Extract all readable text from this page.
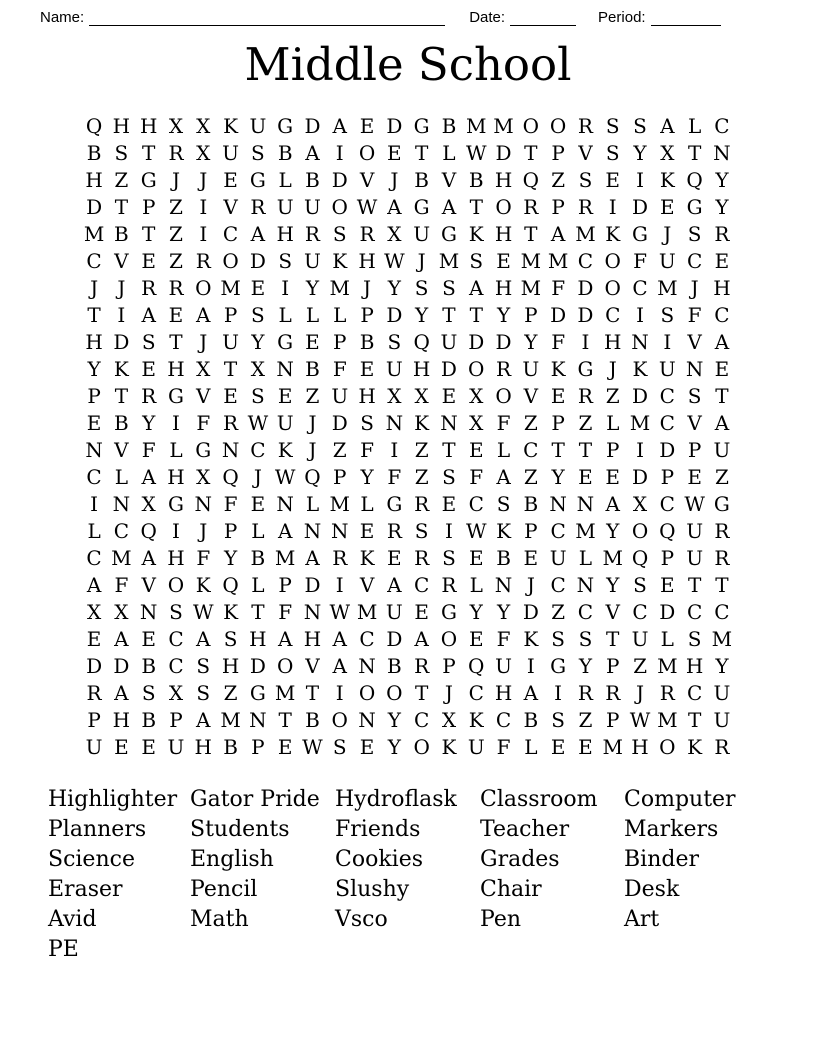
Name:	Date:	Period:
Middle School
Q H H X X K U G D A E D G B M M O O R S S A L C
B S T R X U S B A I O E T L W D T P V S Y X T N
H Z G J J E G L B D V J B V B H Q Z S E I K Q Y
D T P Z I V R U U O W A G A T O R P R I D E G Y
M B T Z I C A H R S R X U G K H T A M K G J S R
C V E Z R O D S U K H W J M S E M M C O F U C E
J J R R O M E I Y M J Y S S A H M F D O C M J H
T I A E A P S L L L P D Y T T Y P D D C I S F C
H D S T J U Y G E P B S Q U D D Y F I H N I V A
Y K E H X T X N B F E U H D O R U K G J K U N E
P T R G V E S E Z U H X X E X O V E R Z D C S T
E B Y I F R W U J D S N K N X F Z P Z L M C V A
N V F L G N C K J Z F I Z T E L C T T P I D P U
C L A H X Q J W Q P Y F Z S F A Z Y E E D P E Z
I N X G N F E N L M L G R E C S B N N A X C W G
L C Q I J P L A N N E R S I W K P C M Y O Q U R
C M A H F Y B M A R K E R S E B E U L M Q P U R
A F V O K Q L P D I V A C R L N J C N Y S E T T
X X N S W K T F N W M U E G Y Y D Z C V C D C C
E A E C A S H A H A C D A O E F K S S T U L S M
D D B C S H D O V A N B R P Q U I G Y P Z M H Y
R A S X S Z G M T I O O T J C H A I R R J R C U
P H B P A M N T B O N Y C X K C B S Z P W M T U
U E E U H B P E W S E Y O K U F L E E M H O K R
Highlighter
Planners
Science
Eraser
Avid
PE
Gator Pride
Students
English
Pencil
Math
Hydroflask
Friends
Cookies
Slushy
Vsco
Classroom
Teacher
Grades
Chair
Pen
Computer
Markers
Binder
Desk
Art
